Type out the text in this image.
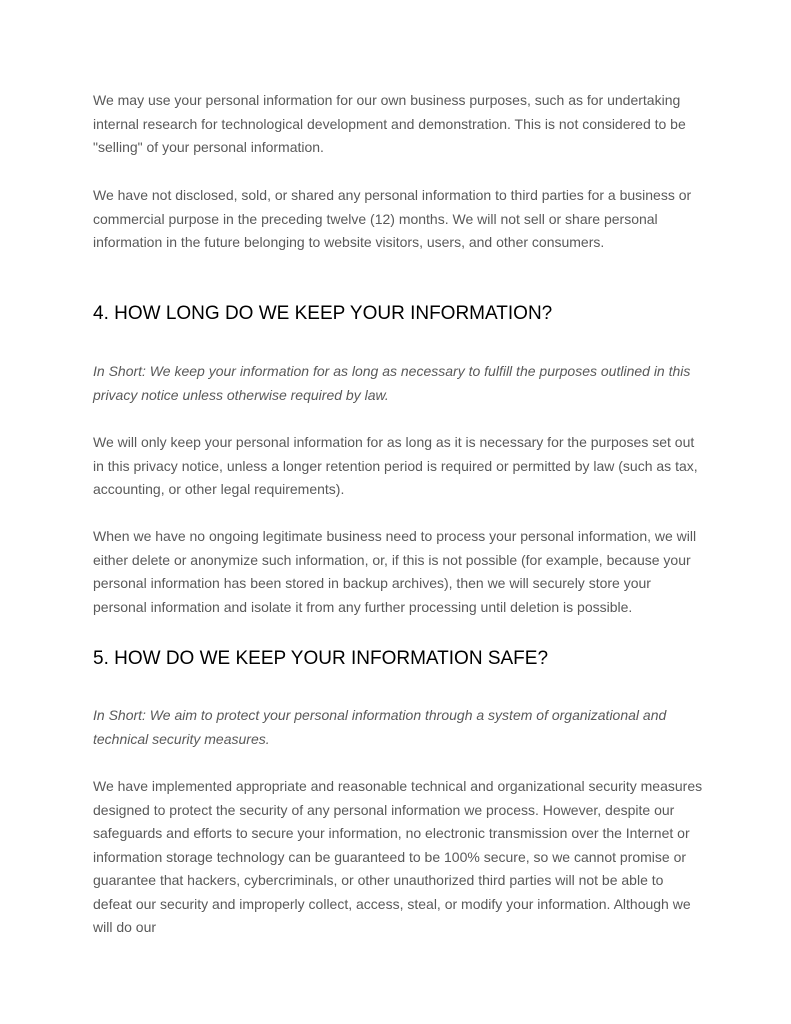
We may use your personal information for our own business purposes, such as for undertaking internal research for technological development and demonstration. This is not considered to be "selling" of your personal information.

We have not disclosed, sold, or shared any personal information to third parties for a business or commercial purpose in the preceding twelve (12) months. We will not sell or share personal information in the future belonging to website visitors, users, and other consumers.

4. HOW LONG DO WE KEEP YOUR INFORMATION?

In Short: We keep your information for as long as necessary to fulfill the purposes outlined in this privacy notice unless otherwise required by law.

We will only keep your personal information for as long as it is necessary for the purposes set out in this privacy notice, unless a longer retention period is required or permitted by law (such as tax, accounting, or other legal requirements).

When we have no ongoing legitimate business need to process your personal information, we will either delete or anonymize such information, or, if this is not possible (for example, because your personal information has been stored in backup archives), then we will securely store your personal information and isolate it from any further processing until deletion is possible.

5. HOW DO WE KEEP YOUR INFORMATION SAFE?

In Short: We aim to protect your personal information through a system of organizational and technical security measures.

We have implemented appropriate and reasonable technical and organizational security measures designed to protect the security of any personal information we process. However, despite our safeguards and efforts to secure your information, no electronic transmission over the Internet or information storage technology can be guaranteed to be 100% secure, so we cannot promise or guarantee that hackers, cybercriminals, or other unauthorized third parties will not be able to defeat our security and improperly collect, access, steal, or modify your information. Although we will do our
